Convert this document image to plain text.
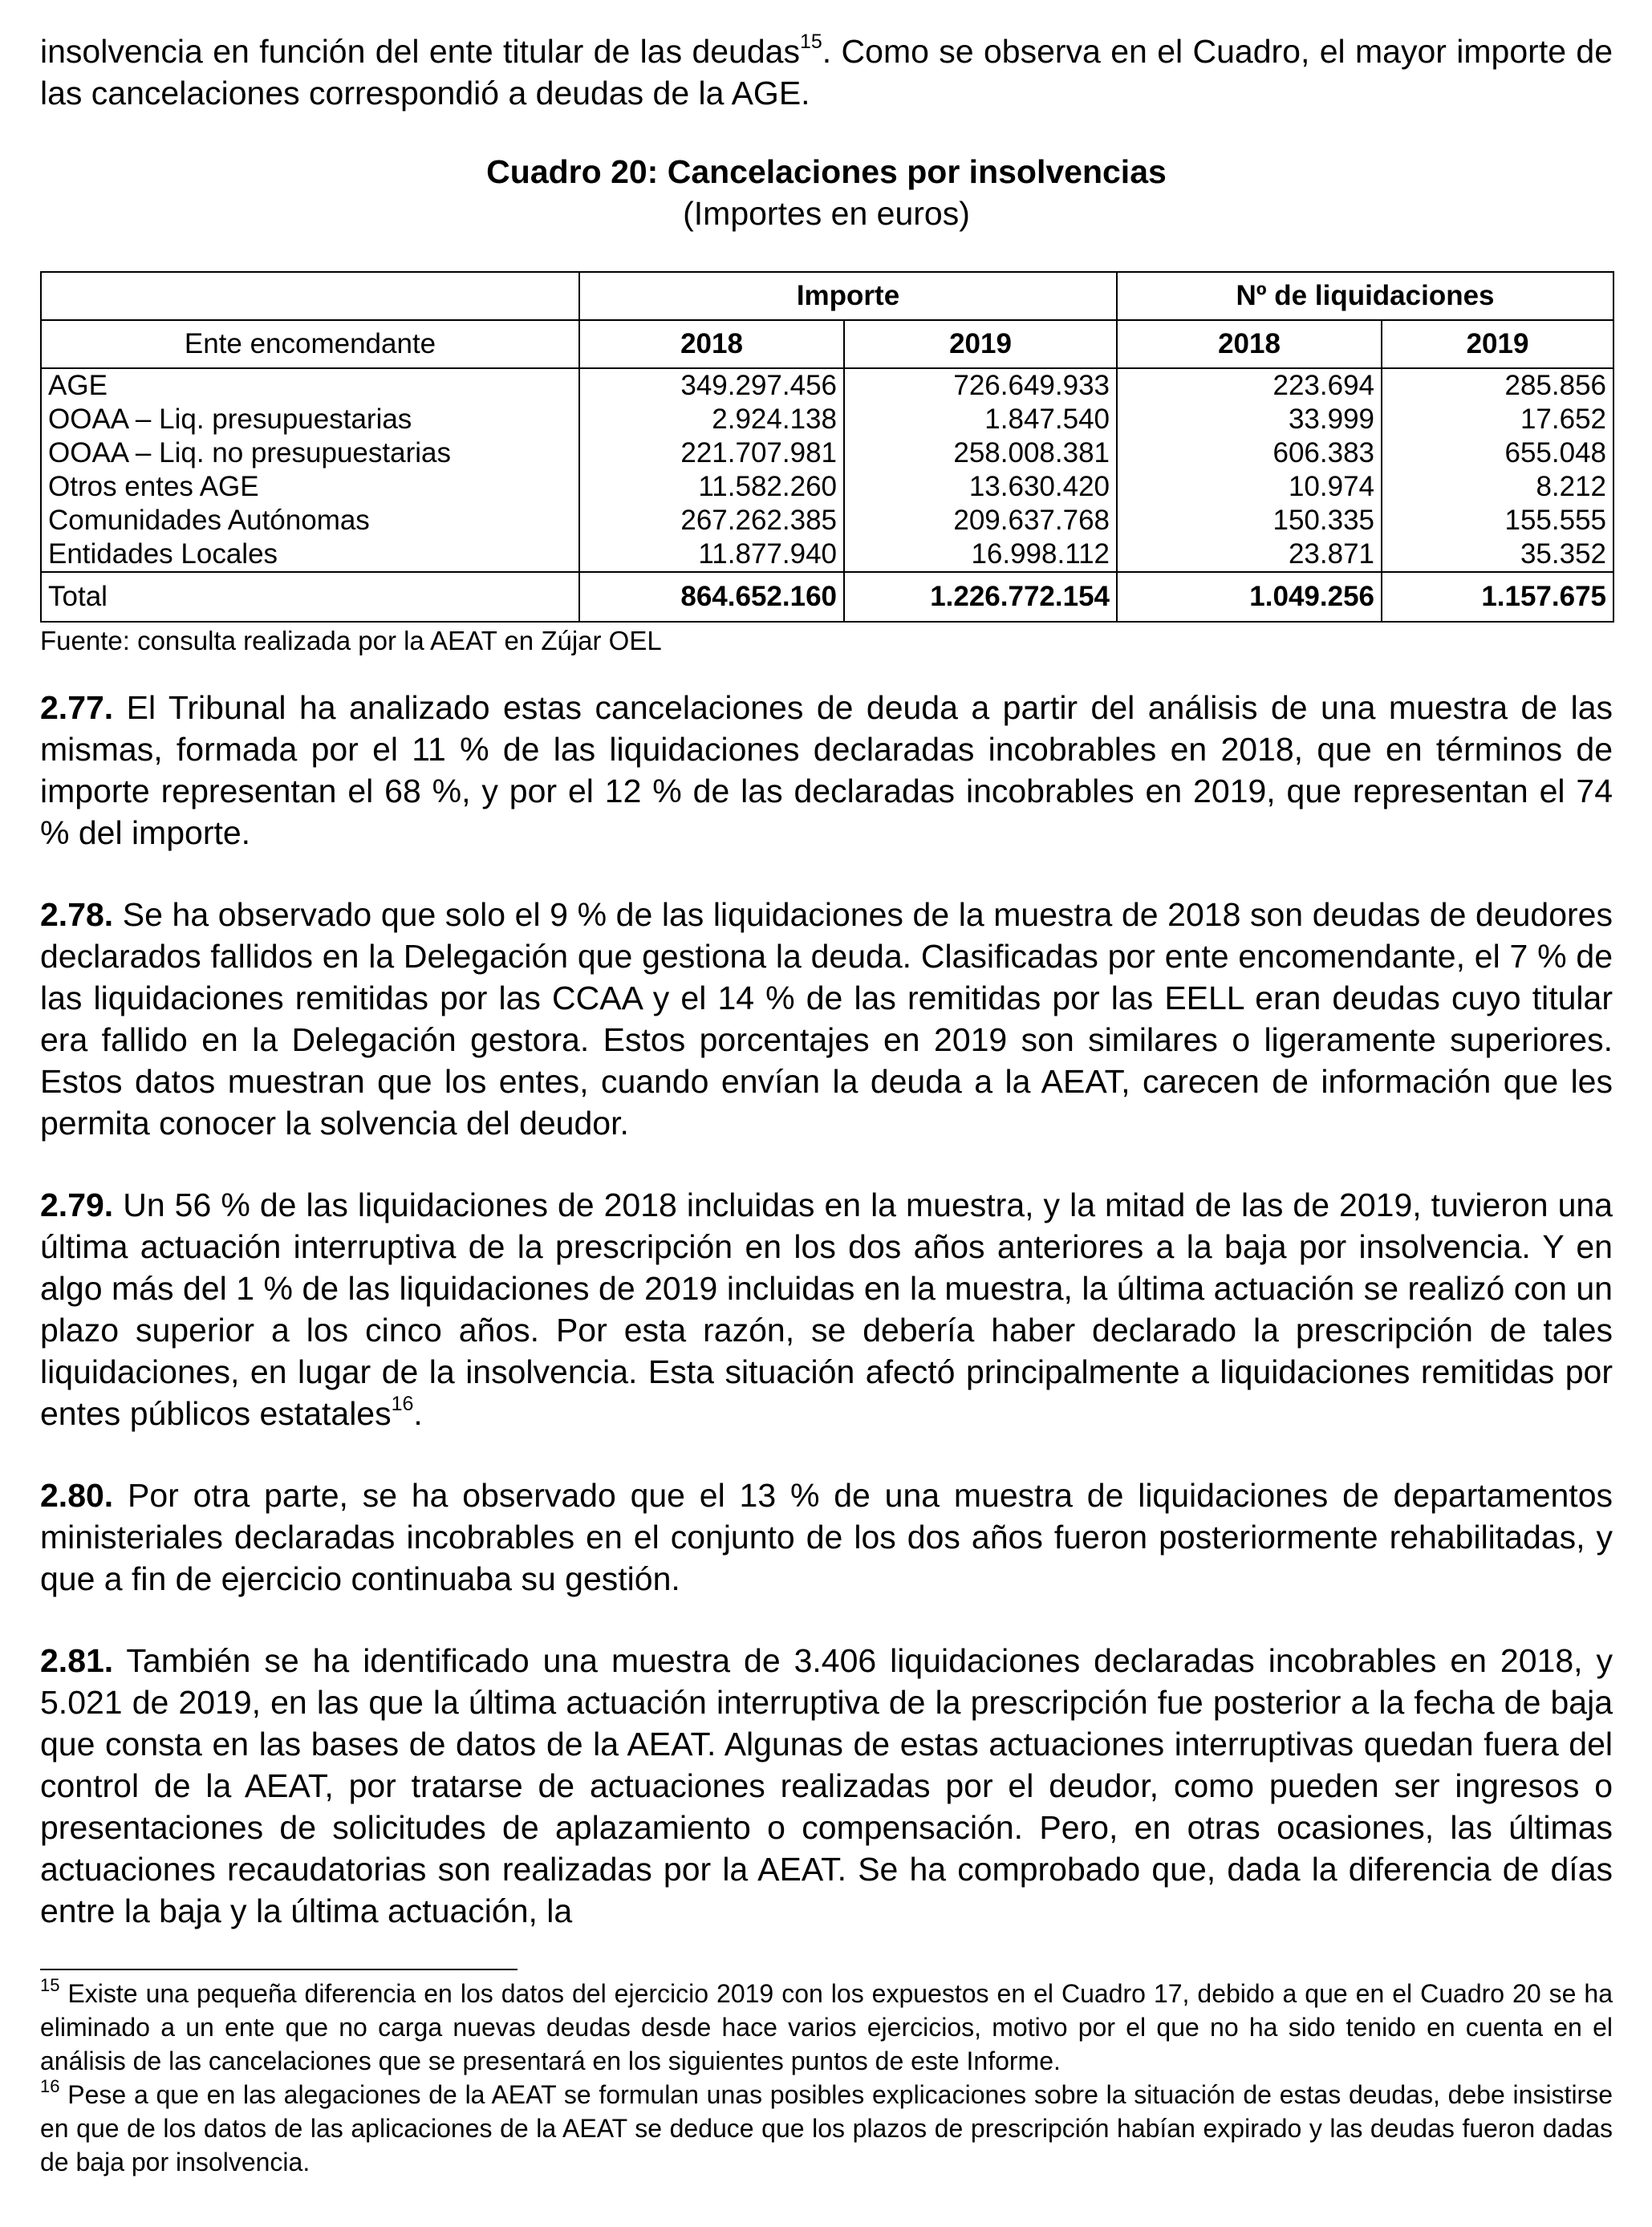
insolvencia en función del ente titular de las deudas$^{15}$. Como se observa en el Cuadro, el mayor importe de las cancelaciones correspondió a deudas de la AGE.

Cuadro 20: Cancelaciones por insolvencias
(Importes en euros)
	Importe		Nº de liquidaciones	
Ente encomendante	2018	2019	2018	2019
AGE	349.297.456	726.649.933	223.694	285.856
OOAA – Liq. presupuestarias	2.924.138	1.847.540	33.999	17.652
OOAA – Liq. no presupuestarias	221.707.981	258.008.381	606.383	655.048
Otros entes AGE	11.582.260	13.630.420	10.974	8.212
Comunidades Autónomas	267.262.385	209.637.768	150.335	155.555
Entidades Locales	11.877.940	16.998.112	23.871	35.352
Total	864.652.160	1.226.772.154	1.049.256	1.157.675
Fuente: consulta realizada por la AEAT en Zújar OEL

2.77. El Tribunal ha analizado estas cancelaciones de deuda a partir del análisis de una muestra de las mismas, formada por el 11 % de las liquidaciones declaradas incobrables en 2018, que en términos de importe representan el 68 %, y por el 12 % de las declaradas incobrables en 2019, que representan el 74 % del importe.

2.78. Se ha observado que solo el 9 % de las liquidaciones de la muestra de 2018 son deudas de deudores declarados fallidos en la Delegación que gestiona la deuda. Clasificadas por ente encomendante, el 7 % de las liquidaciones remitidas por las CCAA y el 14 % de las remitidas por las EELL eran deudas cuyo titular era fallido en la Delegación gestora. Estos porcentajes en 2019 son similares o ligeramente superiores. Estos datos muestran que los entes, cuando envían la deuda a la AEAT, carecen de información que les permita conocer la solvencia del deudor.

2.79. Un 56 % de las liquidaciones de 2018 incluidas en la muestra, y la mitad de las de 2019, tuvieron una última actuación interruptiva de la prescripción en los dos años anteriores a la baja por insolvencia. Y en algo más del 1 % de las liquidaciones de 2019 incluidas en la muestra, la última actuación se realizó con un plazo superior a los cinco años. Por esta razón, se debería haber declarado la prescripción de tales liquidaciones, en lugar de la insolvencia. Esta situación afectó principalmente a liquidaciones remitidas por entes públicos estatales$^{16}$.

2.80. Por otra parte, se ha observado que el 13 % de una muestra de liquidaciones de departamentos ministeriales declaradas incobrables en el conjunto de los dos años fueron posteriormente rehabilitadas, y que a fin de ejercicio continuaba su gestión.

2.81. También se ha identificado una muestra de 3.406 liquidaciones declaradas incobrables en 2018, y 5.021 de 2019, en las que la última actuación interruptiva de la prescripción fue posterior a la fecha de baja que consta en las bases de datos de la AEAT. Algunas de estas actuaciones interruptivas quedan fuera del control de la AEAT, por tratarse de actuaciones realizadas por el deudor, como pueden ser ingresos o presentaciones de solicitudes de aplazamiento o compensación. Pero, en otras ocasiones, las últimas actuaciones recaudatorias son realizadas por la AEAT. Se ha comprobado que, dada la diferencia de días entre la baja y la última actuación, la

$^{15}$ Existe una pequeña diferencia en los datos del ejercicio 2019 con los expuestos en el Cuadro 17, debido a que en el Cuadro 20 se ha eliminado a un ente que no carga nuevas deudas desde hace varios ejercicios, motivo por el que no ha sido tenido en cuenta en el análisis de las cancelaciones que se presentará en los siguientes puntos de este Informe.
$^{16}$ Pese a que en las alegaciones de la AEAT se formulan unas posibles explicaciones sobre la situación de estas deudas, debe insistirse en que de los datos de las aplicaciones de la AEAT se deduce que los plazos de prescripción habían expirado y las deudas fueron dadas de baja por insolvencia.
